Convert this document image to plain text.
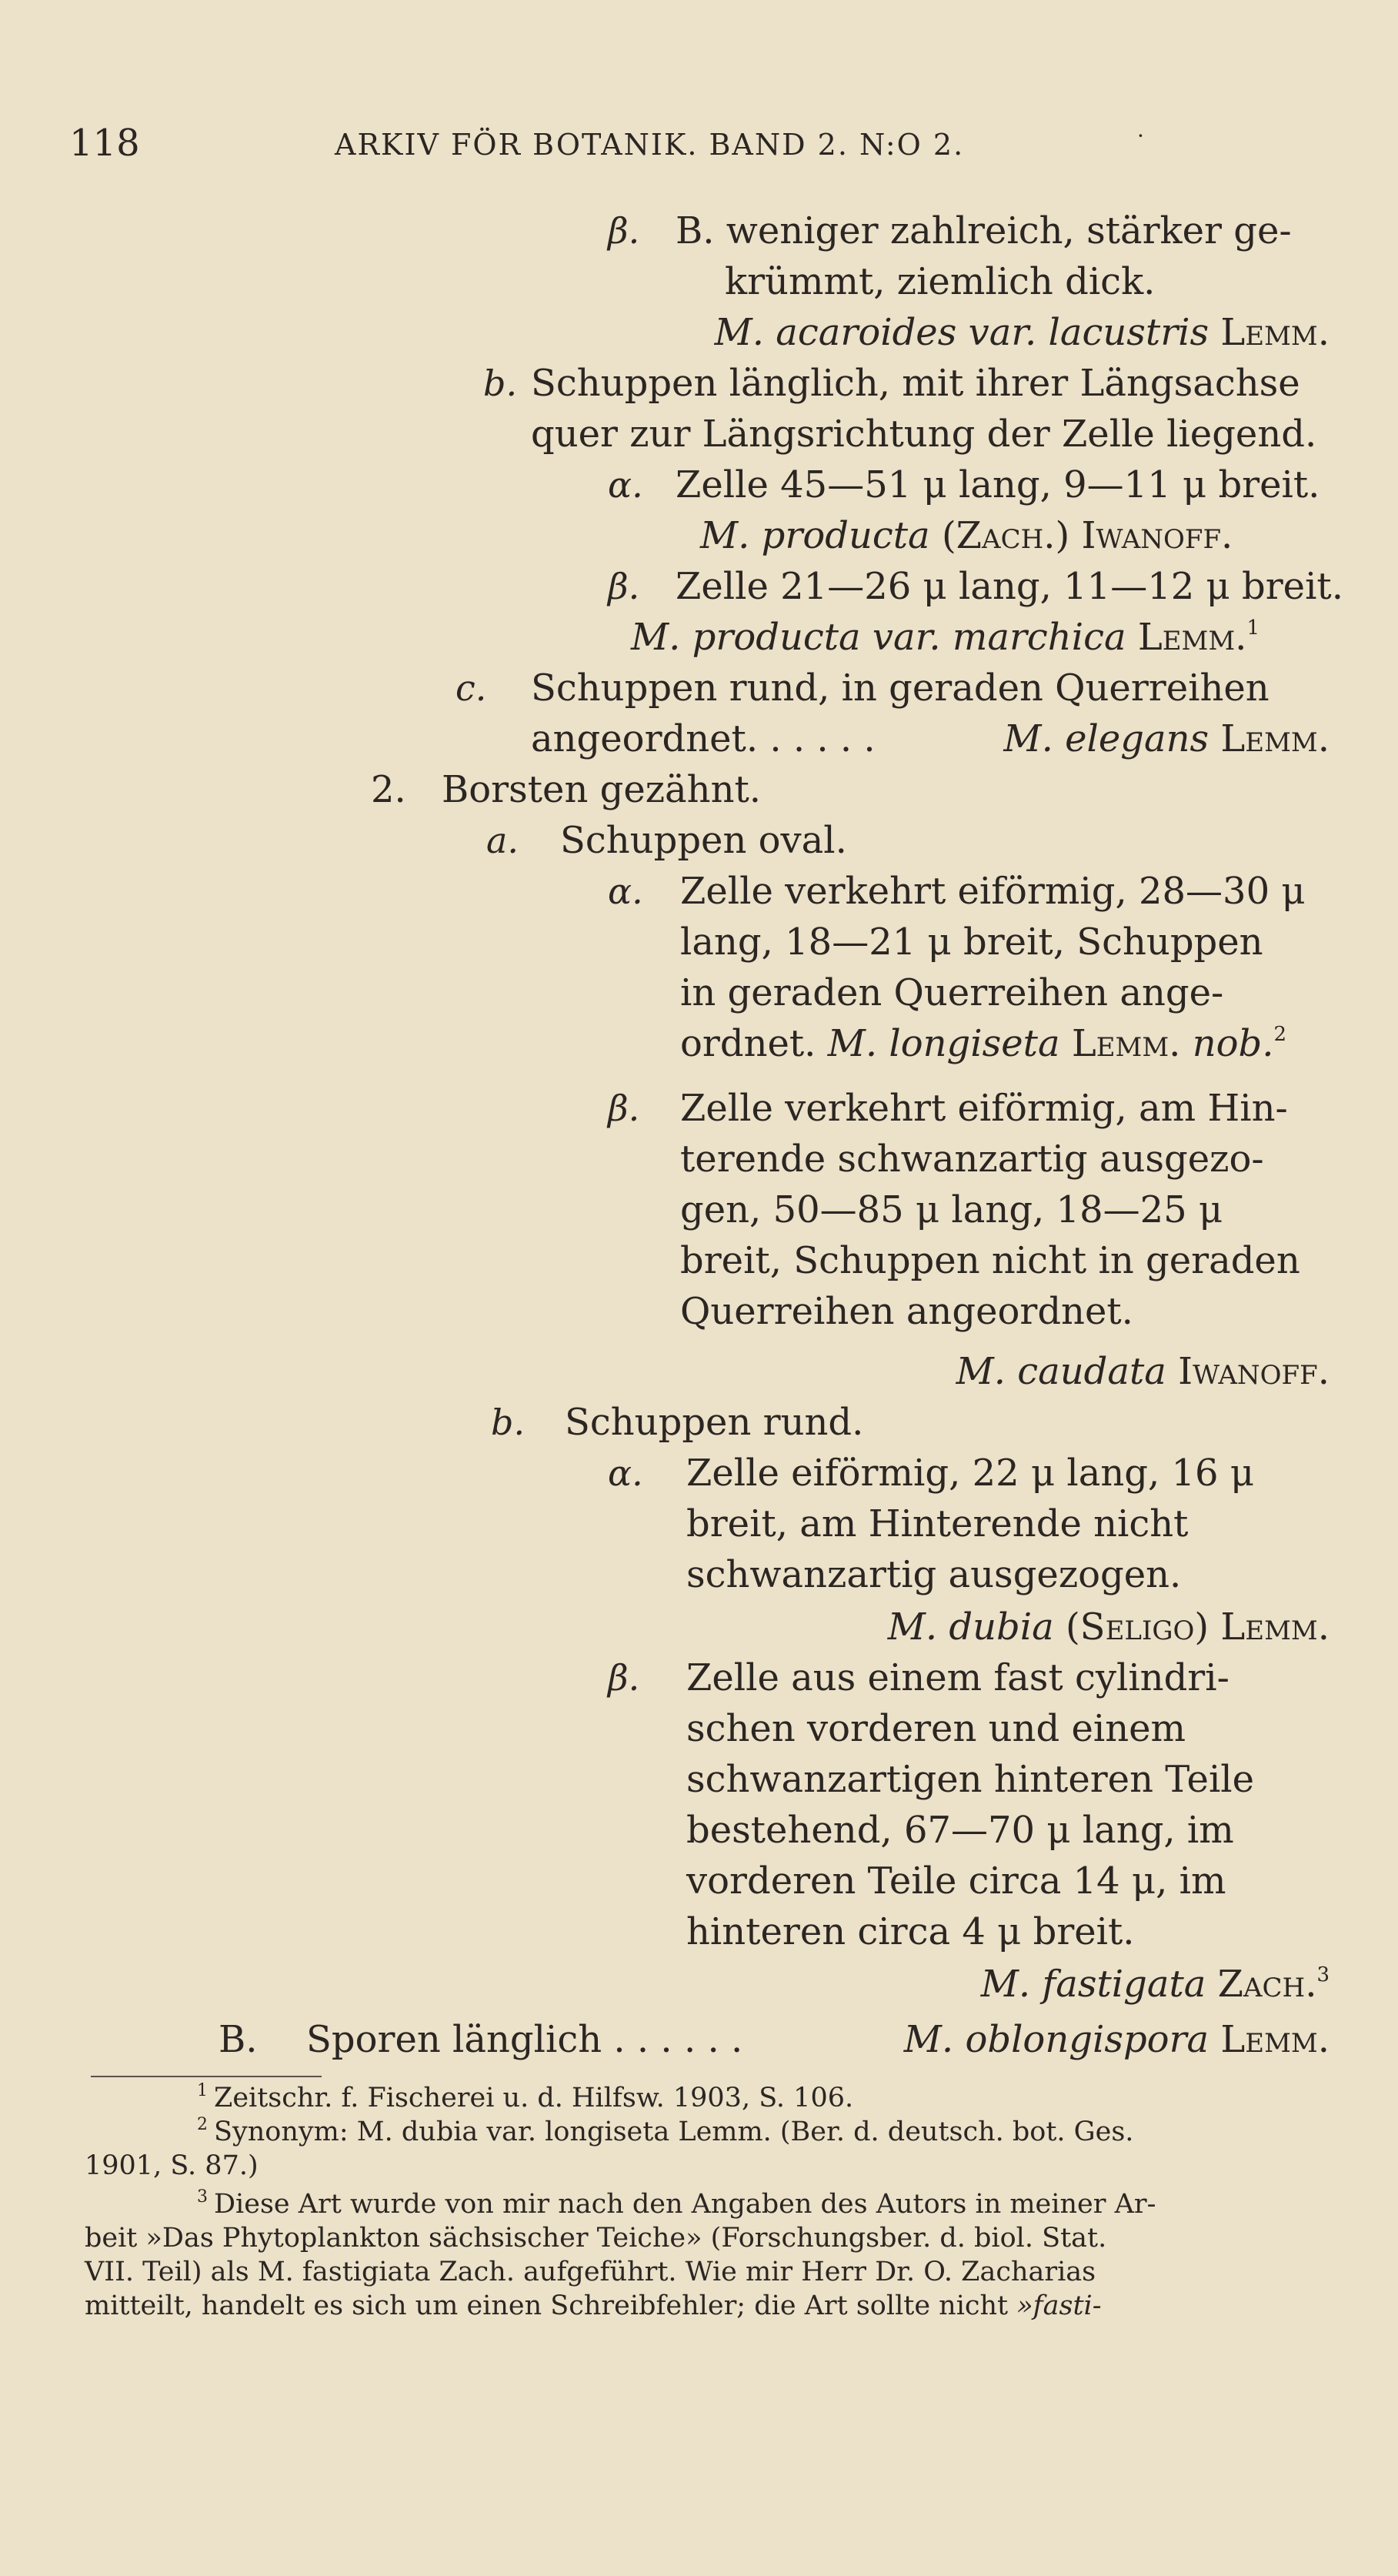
118	ARKIV FÖR BOTANIK. BAND 2. N:O 2.	·
β. B. weniger zahlreich, stärker ge-
krümmt, ziemlich dick.
M. acaroides var. lacustris Lemm.
b. Schuppen länglich, mit ihrer Längsachse
quer zur Längsrichtung der Zelle liegend.
α. Zelle 45—51 μ lang, 9—11 μ breit.
M. producta (Zach.) Iwanoff.
β. Zelle 21—26 μ lang, 11—12 μ breit.
M. producta var. marchica Lemm.$^1$
c. Schuppen rund, in geraden Querreihen
angeordnet. . . . . .	M. elegans Lemm.
2. Borsten gezähnt.
a. Schuppen oval.
α. Zelle verkehrt eiförmig, 28—30 μ
lang, 18—21 μ breit, Schuppen
in geraden Querreihen ange-
ordnet. M. longiseta Lemm. nob.$^2$
β. Zelle verkehrt eiförmig, am Hin-
terende schwanzartig ausgezo-
gen, 50—85 μ lang, 18—25 μ
breit, Schuppen nicht in geraden
Querreihen angeordnet.
M. caudata Iwanoff.
b. Schuppen rund.
α. Zelle eiförmig, 22 μ lang, 16 μ
breit, am Hinterende nicht
schwanzartig ausgezogen.
M. dubia (Seligo) Lemm.
β. Zelle aus einem fast cylindri-
schen vorderen und einem
schwanzartigen hinteren Teile
bestehend, 67—70 μ lang, im
vorderen Teile circa 14 μ, im
hinteren circa 4 μ breit.
M. fastigata Zach.$^3$
B. Sporen länglich . . . . . .	M. oblongispora Lemm.
$^1$ Zeitschr. f. Fischerei u. d. Hilfsw. 1903, S. 106.
$^2$ Synonym: M. dubia var. longiseta Lemm. (Ber. d. deutsch. bot. Ges.
1901, S. 87.)
$^3$ Diese Art wurde von mir nach den Angaben des Autors in meiner Ar-
beit »Das Phytoplankton sächsischer Teiche» (Forschungsber. d. biol. Stat.
VII. Teil) als M. fastigiata Zach. aufgeführt. Wie mir Herr Dr. O. Zacharias
mitteilt, handelt es sich um einen Schreibfehler; die Art sollte nicht »fasti-
